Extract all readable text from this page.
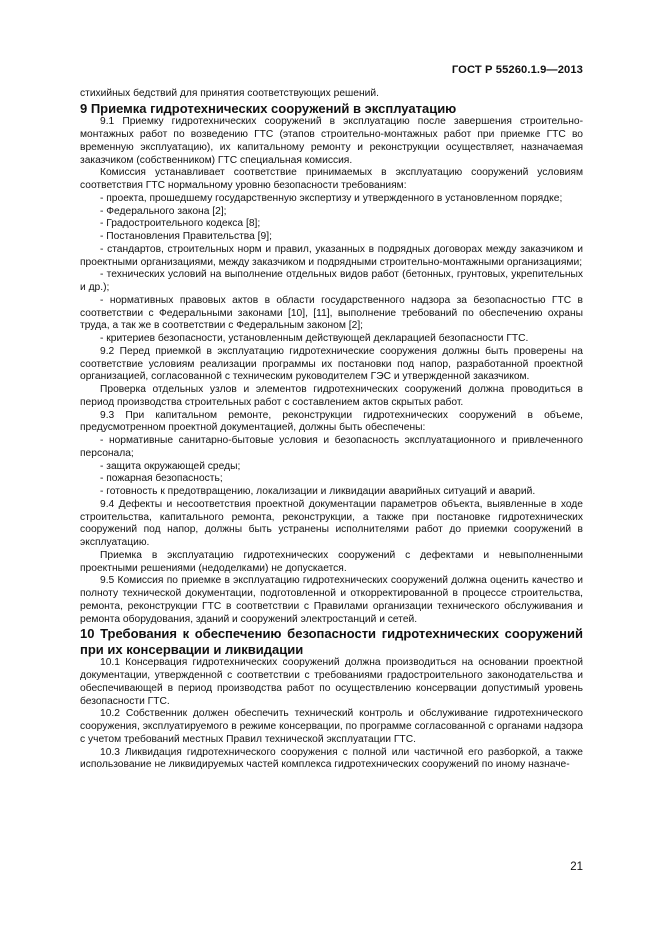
ГОСТ Р 55260.1.9—2013

стихийных бедствий для принятия соответствующих решений.

9 Приемка гидротехнических сооружений в эксплуатацию

9.1 Приемку гидротехнических сооружений в эксплуатацию после завершения строительно-монтажных работ по возведению ГТС (этапов строительно-монтажных работ при приемке ГТС во временную эксплуатацию), их капитальному ремонту и реконструкции осуществляет, назначаемая заказчиком (собственником) ГТС специальная комиссия.

Комиссия устанавливает соответствие принимаемых в эксплуатацию сооружений условиям соответствия ГТС нормальному уровню безопасности требованиям:

- проекта, прошедшему государственную экспертизу и утвержденного в установленном порядке;

- Федерального закона [2];

- Градостроительного кодекса [8];

- Постановления Правительства [9];

- стандартов, строительных норм и правил, указанных в подрядных договорах между заказчиком и проектными организациями, между заказчиком и подрядными строительно-монтажными организациями;

- технических условий на выполнение отдельных видов работ (бетонных, грунтовых, укрепительных и др.);

- нормативных правовых актов в области государственного надзора за безопасностью ГТС в соответствии с Федеральными законами [10], [11], выполнение требований по обеспечению охраны труда, а так же в соответствии с Федеральным законом [2];

- критериев безопасности, установленным действующей декларацией безопасности ГТС.

9.2 Перед приемкой в эксплуатацию гидротехнические сооружения должны быть проверены на соответствие условиям реализации программы их постановки под напор, разработанной проектной организацией, согласованной с техническим руководителем ГЭС и утвержденной заказчиком.

Проверка отдельных узлов и элементов гидротехнических сооружений должна проводиться в период производства строительных работ с составлением актов скрытых работ.

9.3 При капитальном ремонте, реконструкции гидротехнических сооружений в объеме, предусмотренном проектной документацией, должны быть обеспечены:

- нормативные санитарно-бытовые условия и безопасность эксплуатационного и привлеченного персонала;

- защита окружающей среды;

- пожарная безопасность;

- готовность к предотвращению, локализации и ликвидации аварийных ситуаций и аварий.

9.4 Дефекты и несоответствия проектной документации параметров объекта, выявленные в ходе строительства, капитального ремонта, реконструкции, а также при постановке гидротехнических сооружений под напор, должны быть устранены исполнителями работ до приемки сооружений в эксплуатацию.

Приемка в эксплуатацию гидротехнических сооружений с дефектами и невыполненными проектными решениями (недоделками) не допускается.

9.5 Комиссия по приемке в эксплуатацию гидротехнических сооружений должна оценить качество и полноту технической документации, подготовленной и откорректированной в процессе строительства, ремонта, реконструкции ГТС в соответствии с Правилами организации технического обслуживания и ремонта оборудования, зданий и сооружений электростанций и сетей.

10 Требования к обеспечению безопасности гидротехнических сооружений при их консервации и ликвидации

10.1 Консервация гидротехнических сооружений должна производиться на основании проектной документации, утвержденной с соответствии с требованиями градостроительного законодательства и обеспечивающей в период производства работ по осуществлению консервации допустимый уровень безопасности ГТС.

10.2 Собственник должен обеспечить технический контроль и обслуживание гидротехнического сооружения, эксплуатируемого в режиме консервации, по программе согласованной с органами надзора с учетом требований местных Правил технической эксплуатации ГТС.

10.3 Ликвидация гидротехнического сооружения с полной или частичной его разборкой, а также использование не ликвидируемых частей комплекса гидротехнических сооружений по иному назначе-

21
